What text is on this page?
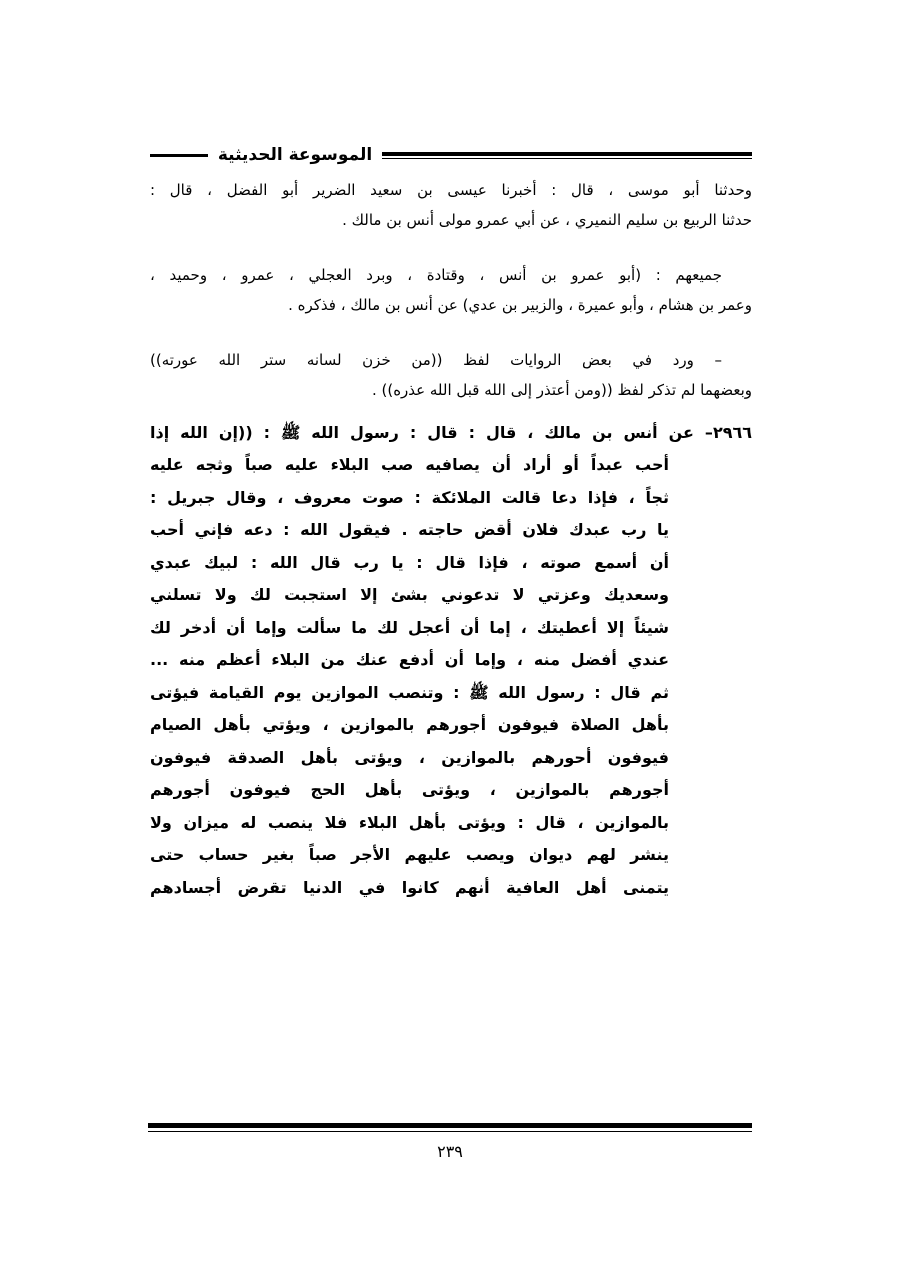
الموسوعة الحديثية
وحدثنا أبو موسى ، قال : أخبرنا عيسى بن سعيد الضرير أبو الفضل ، قال :
حدثنا الربيع بن سليم النميري ، عن أبي عمرو مولى أنس بن مالك .
جميعهم : (أبو عمرو بن أنس ، وقتادة ، وبرد العجلي ، عمرو ، وحميد ،
وعمر بن هشام ، وأبو عميرة ، والزبير بن عدي) عن أنس بن مالك ، فذكره .
– ورد في بعض الروايات لفظ ((من خزن لسانه ستر الله عورته))
وبعضهما لم تذكر لفظ ((ومن أعتذر إلى الله قبل الله عذره)) .
٢٩٦٦– عن أنس بن مالك ، قال : قال : رسول الله ﷺ : ((إن الله إذا
أحب عبداً أو أراد أن يصافيه صب البلاء عليه صباً وثجه عليه
ثجاً ، فإذا دعا قالت الملائكة : صوت معروف ، وقال جبريل :
يا رب عبدك فلان أقض حاجته . فيقول الله : دعه فإني أحب
أن أسمع صوته ، فإذا قال : يا رب قال الله : لبيك عبدي
وسعديك وعزتي لا تدعوني بشئ إلا استجبت لك ولا تسلني
شيئاً إلا أعطيتك ، إما أن أعجل لك ما سألت وإما أن أدخر لك
عندي أفضل منه ، وإما أن أدفع عنك من البلاء أعظم منه ...
ثم قال : رسول الله ﷺ : وتنصب الموازين يوم القيامة فيؤتى
بأهل الصلاة فيوفون أجورهم بالموازين ، ويؤتي بأهل الصيام
فيوفون أحورهم بالموازين ، ويؤتى بأهل الصدقة فيوفون
أجورهم بالموازين ، ويؤتى بأهل الحج فيوفون أجورهم
بالموازين ، قال : ويؤتى بأهل البلاء فلا ينصب له ميزان ولا
ينشر لهم ديوان ويصب عليهم الأجر صباً بغير حساب حتى
يتمنى أهل العافية أنهم كانوا في الدنيا تقرض أجسادهم
٢٣٩
